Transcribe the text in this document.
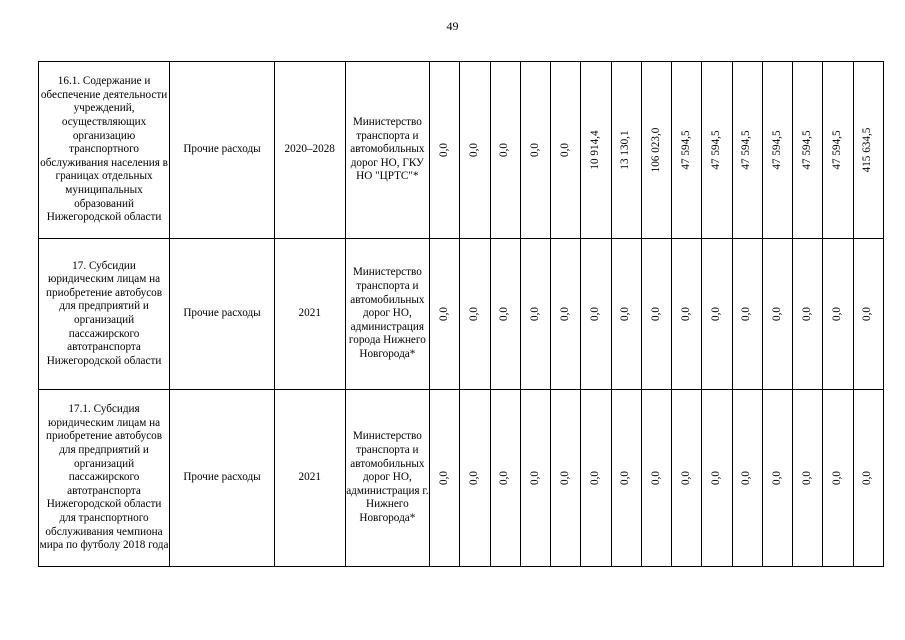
49
16.1. Содержание и обеспечение деятельности учреждений, осуществляющих организацию транспортного обслуживания населения в границах отдельных муниципальных образований Нижегородской области	Прочие расходы	2020–2028	Министерство транспорта и автомобильных дорог НО, ГКУ НО "ЦРТС"*	0,0	0,0	0,0	0,0	0,0	10 914,4	13 130,1	106 023,0	47 594,5	47 594,5	47 594,5	47 594,5	47 594,5	47 594,5	415 634,5

17. Субсидии юридическим лицам на приобретение автобусов для предприятий и организаций пассажирского автотранспорта Нижегородской области	Прочие расходы	2021	Министерство транспорта и автомобильных дорог НО, администрация города Нижнего Новгорода*	0,0	0,0	0,0	0,0	0,0	0,0	0,0	0,0	0,0	0,0	0,0	0,0	0,0	0,0	0,0

17.1. Субсидия юридическим лицам на приобретение автобусов для предприятий и организаций пассажирского автотранспорта Нижегородской области для транспортного обслуживания чемпиона мира по футболу 2018 года	Прочие расходы	2021	Министерство транспорта и автомобильных дорог НО, администрация г. Нижнего Новгорода*	0,0	0,0	0,0	0,0	0,0	0,0	0,0	0,0	0,0	0,0	0,0	0,0	0,0	0,0	0,0
